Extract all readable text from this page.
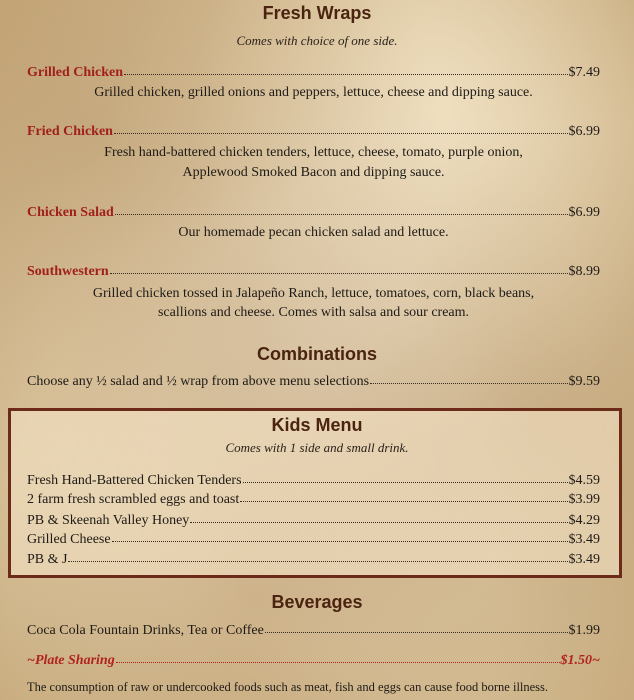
Fresh Wraps
Comes with choice of one side.
Grilled Chicken	$7.49
Grilled chicken, grilled onions and peppers, lettuce, cheese and dipping sauce.
Fried Chicken	$6.99
Fresh hand-battered chicken tenders, lettuce, cheese, tomato, purple onion,
Applewood Smoked Bacon and dipping sauce.
Chicken Salad	$6.99
Our homemade pecan chicken salad and lettuce.
Southwestern	$8.99
Grilled chicken tossed in Jalapeño Ranch, lettuce, tomatoes, corn, black beans,
scallions and cheese. Comes with salsa and sour cream.
Combinations
Choose any ½ salad and ½ wrap from above menu selections	$9.59
Kids Menu
Comes with 1 side and small drink.
Fresh Hand-Battered Chicken Tenders	$4.59
2 farm fresh scrambled eggs and toast	$3.99
PB & Skeenah Valley Honey	$4.29
Grilled Cheese	$3.49
PB & J	$3.49
Beverages
Coca Cola Fountain Drinks, Tea or Coffee	$1.99
~Plate Sharing	$1.50~
The consumption of raw or undercooked foods such as meat, fish and eggs can cause food borne illness.
